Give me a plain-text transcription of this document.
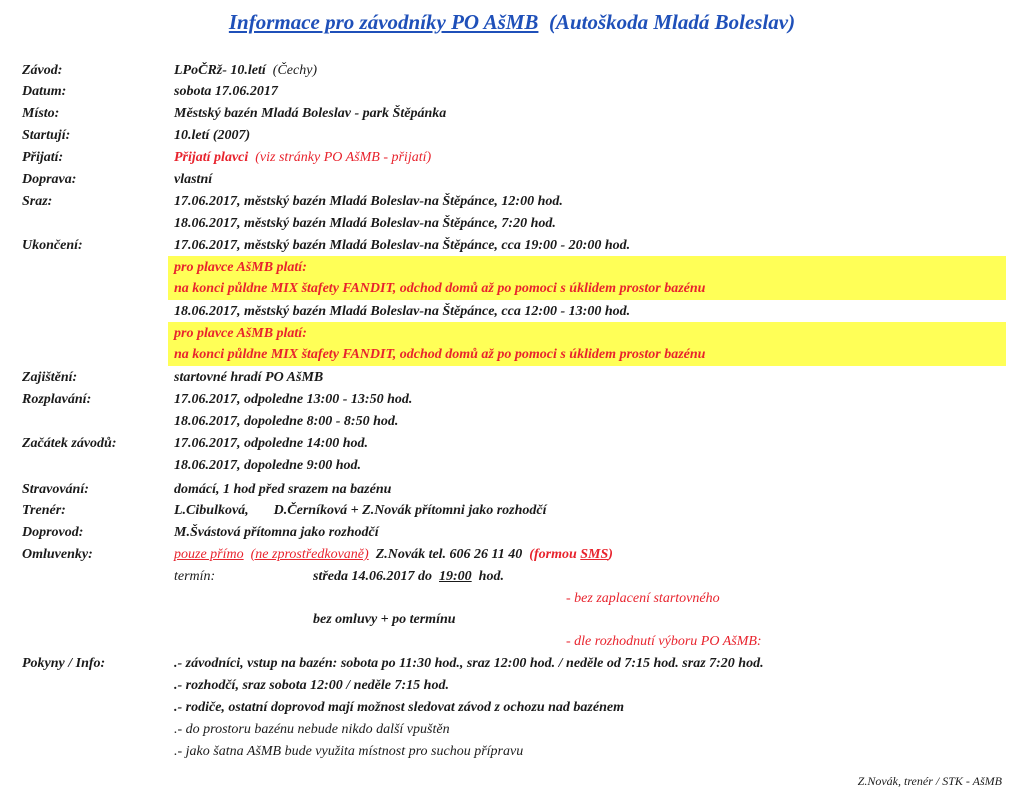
Informace pro závodníky PO AšMB (Autoškoda Mladá Boleslav)
Závod:	LPoČRž- 10.letí (Čechy)
Datum:	sobota 17.06.2017
Místo:	Městský bazén Mladá Boleslav - park Štěpánka
Startují:	10.letí (2007)
Přijatí:	Přijatí plavci (viz stránky PO AšMB - přijatí)
Doprava:	vlastní
Sraz:	17.06.2017, městský bazén Mladá Boleslav-na Štěpánce, 12:00 hod.
18.06.2017, městský bazén Mladá Boleslav-na Štěpánce, 7:20 hod.
Ukončení:	17.06.2017, městský bazén Mladá Boleslav-na Štěpánce, cca 19:00 - 20:00 hod.
pro plavce AšMB platí:
na konci půldne MIX štafety FANDIT, odchod domů až po pomoci s úklidem prostor bazénu
18.06.2017, městský bazén Mladá Boleslav-na Štěpánce, cca 12:00 - 13:00 hod.
pro plavce AšMB platí:
na konci půldne MIX štafety FANDIT, odchod domů až po pomoci s úklidem prostor bazénu
Zajištění:	startovné hradí PO AšMB
Rozplavání:	17.06.2017, odpoledne 13:00 - 13:50 hod.
18.06.2017, dopoledne 8:00 - 8:50 hod.
Začátek závodů:	17.06.2017, odpoledne 14:00 hod.
18.06.2017, dopoledne 9:00 hod.
Stravování:	domácí, 1 hod před srazem na bazénu
Trenér:	L.Cibulková, D.Černíková + Z.Novák přítomni jako rozhodčí
Doprovod:	M.Švástová přítomna jako rozhodčí
Omluvenky:	pouze přímo (ne zprostředkovaně) Z.Novák tel. 606 26 11 40 (formou SMS)
termín:	středa 14.06.2017 do 19:00 hod.
- bez zaplacení startovného
bez omluvy + po termínu
- dle rozhodnutí výboru PO AšMB:
Pokyny / Info:	.- závodníci, vstup na bazén: sobota po 11:30 hod., sraz 12:00 hod. / neděle od 7:15 hod. sraz 7:20 hod.
.- rozhodčí, sraz sobota 12:00 / neděle 7:15 hod.
.- rodiče, ostatní doprovod mají možnost sledovat závod z ochozu nad bazénem
.- do prostoru bazénu nebude nikdo další vpuštěn
.- jako šatna AšMB bude využita místnost pro suchou přípravu
Z.Novák, trenér / STK - AšMB
